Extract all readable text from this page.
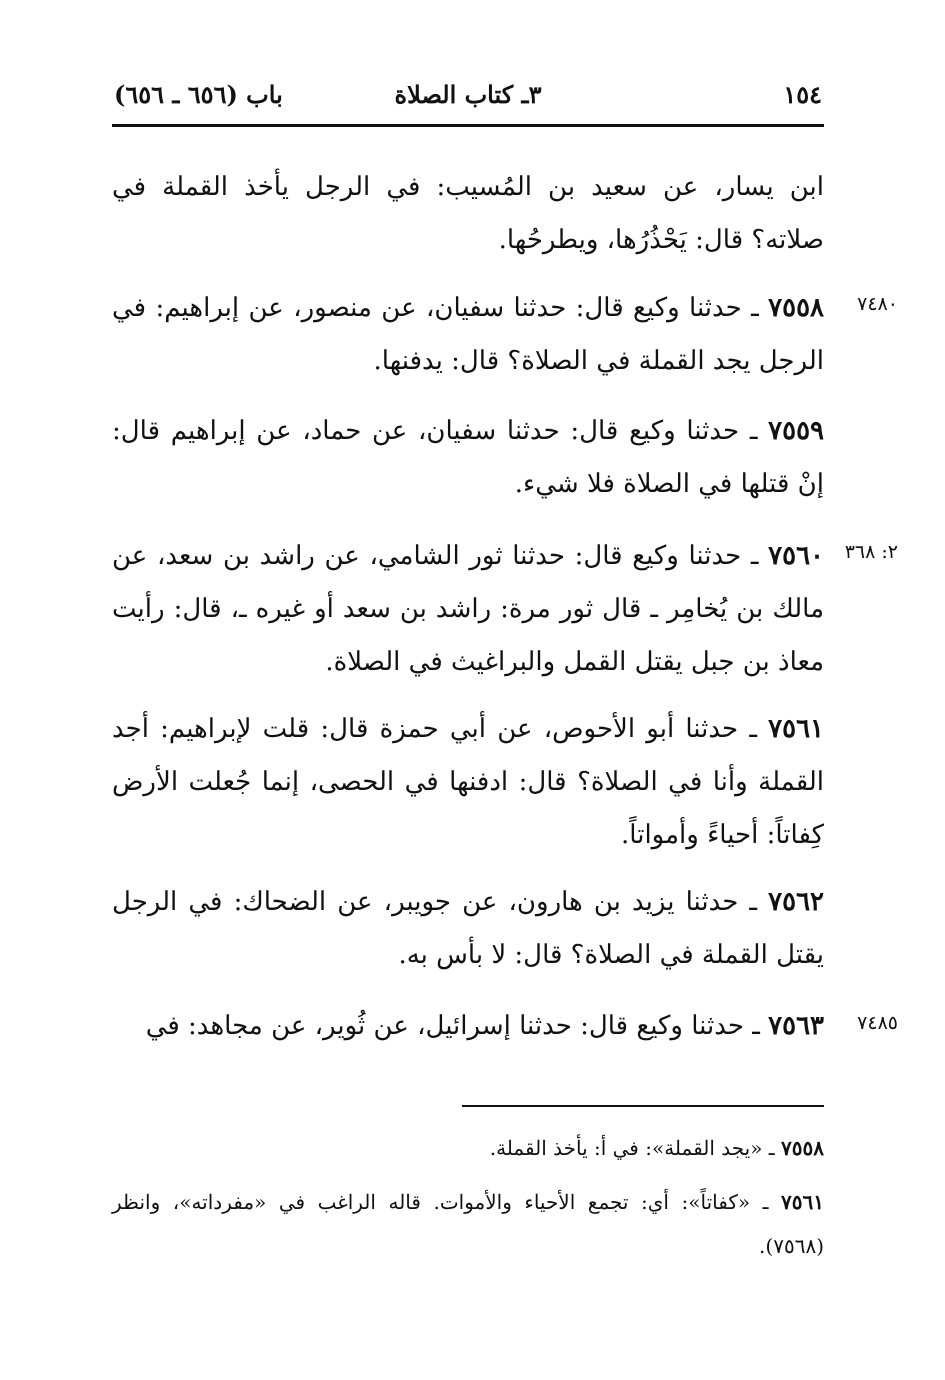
١٥٤
٣ـ كتاب الصلاة
باب (٦٥٦ ـ ٦٥٦)
ابن يسار، عن سعيد بن المُسيب: في الرجل يأخذ القملة في صلاته؟ قال: يَحْذُرُها، ويطرحُها.
٧٤٨٠
٧٥٥٨ ـ حدثنا وكيع قال: حدثنا سفيان، عن منصور، عن إبراهيم: في الرجل يجد القملة في الصلاة؟ قال: يدفنها.
٧٥٥٩ ـ حدثنا وكيع قال: حدثنا سفيان، عن حماد، عن إبراهيم قال: إنْ قتلها في الصلاة فلا شيء.
٢: ٣٦٨
٧٥٦٠ ـ حدثنا وكيع قال: حدثنا ثور الشامي، عن راشد بن سعد، عن مالك بن يُخامِر ـ قال ثور مرة: راشد بن سعد أو غيره ـ، قال: رأيت معاذ بن جبل يقتل القمل والبراغيث في الصلاة.
٧٥٦١ ـ حدثنا أبو الأحوص، عن أبي حمزة قال: قلت لإبراهيم: أجد القملة وأنا في الصلاة؟ قال: ادفنها في الحصى، إنما جُعلت الأرض كِفاتاً: أحياءً وأمواتاً.
٧٥٦٢ ـ حدثنا يزيد بن هارون، عن جويبر، عن الضحاك: في الرجل يقتل القملة في الصلاة؟ قال: لا بأس به.
٧٤٨٥
٧٥٦٣ ـ حدثنا وكيع قال: حدثنا إسرائيل، عن ثُوير، عن مجاهد: في
٧٥٥٨ ـ «يجد القملة»: في أ: يأخذ القملة.
٧٥٦١ ـ «كفاتاً»: أي: تجمع الأحياء والأموات. قاله الراغب في «مفرداته»، وانظر (٧٥٦٨).
